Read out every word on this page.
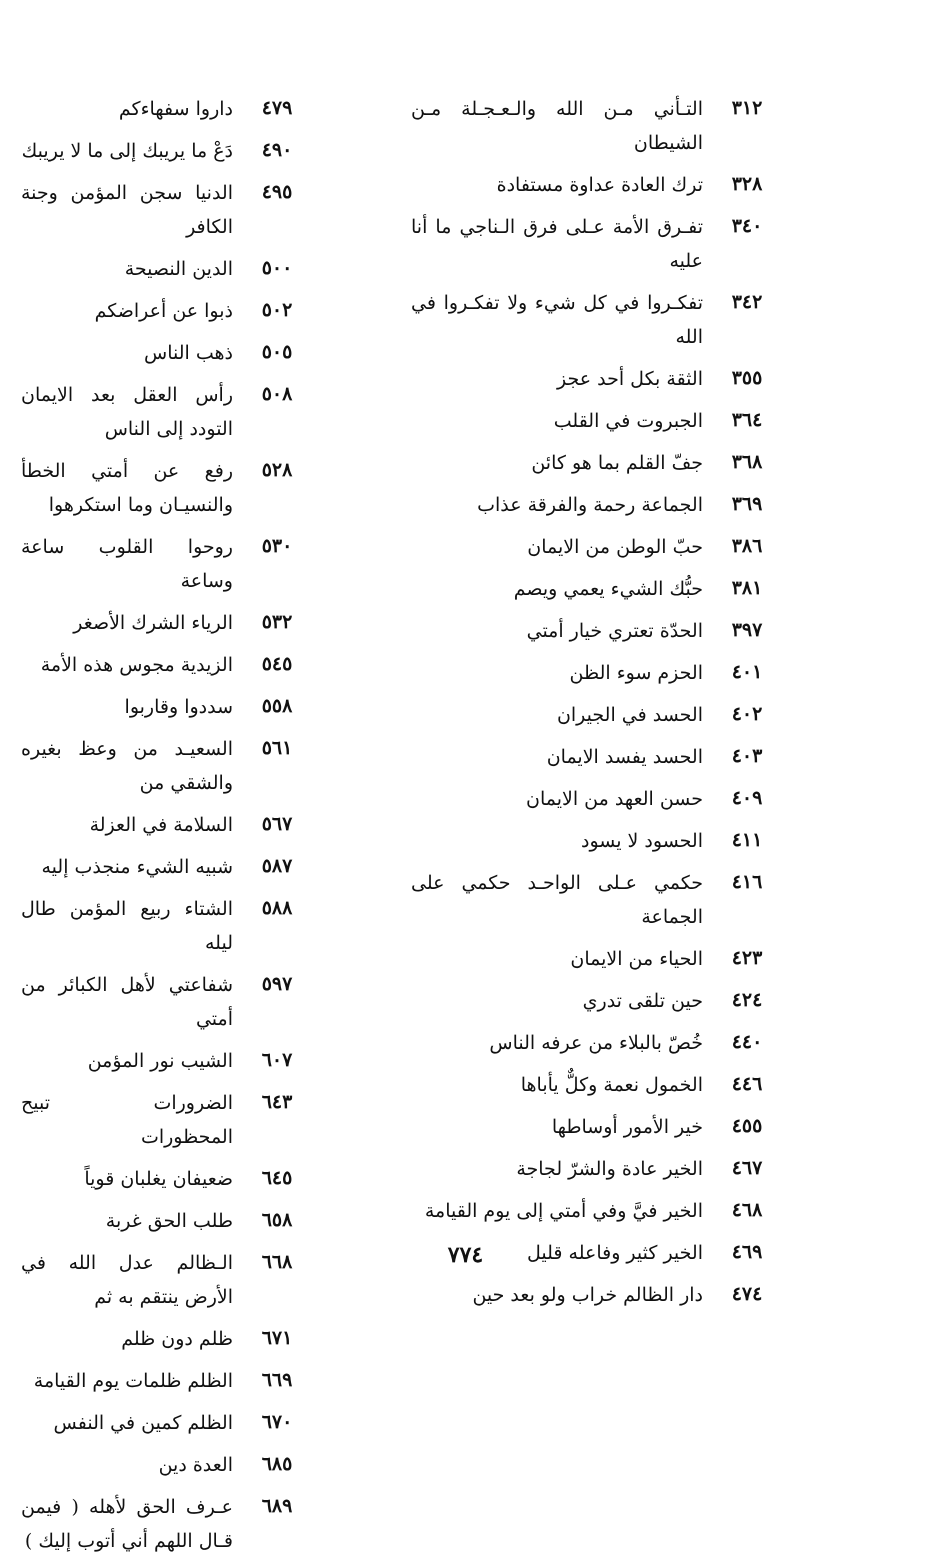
٣١٢
التـأني مـن الله والـعـجـلة مـن الشيطان
٣٢٨
ترك العادة عداوة مستفادة
٣٤٠
تفـرق الأمة عـلى فرق الـناجي ما أنا عليه
٣٤٢
تفكـروا في كل شيء ولا تفكـروا في الله
٣٥٥
الثقة بكل أحد عجز
٣٦٤
الجبروت في القلب
٣٦٨
جفّ القلم بما هو كائن
٣٦٩
الجماعة رحمة والفرقة عذاب
٣٨٦
حبّ الوطن من الايمان
٣٨١
حبُّك الشيء يعمي ويصم
٣٩٧
الحدّة تعتري خيار أمتي
٤٠١
الحزم سوء الظن
٤٠٢
الحسد في الجيران
٤٠٣
الحسد يفسد الايمان
٤٠٩
حسن العهد من الايمان
٤١١
الحسود لا يسود
٤١٦
حكمي عـلى الواحـد حكمي على الجماعة
٤٢٣
الحياء من الايمان
٤٢٤
حين تلقى تدري
٤٤٠
خُصّ بالبلاء من عرفه الناس
٤٤٦
الخمول نعمة وكلٌّ يأباها
٤٥٥
خير الأمور أوساطها
٤٦٧
الخير عادة والشرّ لجاجة
٤٦٨
الخير فيَّ وفي أمتي إلى يوم القيامة
٤٦٩
الخير كثير وفاعله قليل
٤٧٤
دار الظالم خراب ولو بعد حين
٤٧٩
داروا سفهاءكم
٤٩٠
دَعْ ما يريبك إلى ما لا يريبك
٤٩٥
الدنيا سجن المؤمن وجنة الكافر
٥٠٠
الدين النصيحة
٥٠٢
ذبوا عن أعراضكم
٥٠٥
ذهب الناس
٥٠٨
رأس العقل بعد الايمان التودد إلى الناس
٥٢٨
رفع عن أمتي الخطأ والنسيـان وما استكرهوا
٥٣٠
روحوا القلوب ساعة وساعة
٥٣٢
الرياء الشرك الأصغر
٥٤٥
الزيدية مجوس هذه الأمة
٥٥٨
سددوا وقاربوا
٥٦١
السعيـد من وعظ بغيره والشقي من
٥٦٧
السلامة في العزلة
٥٨٧
شبيه الشيء منجذب إليه
٥٨٨
الشتاء ربيع المؤمن طال ليله
٥٩٧
شفاعتي لأهل الكبائر من أمتي
٦٠٧
الشيب نور المؤمن
٦٤٣
الضرورات تبيح المحظورات
٦٤٥
ضعيفان يغلبان قوياً
٦٥٨
طلب الحق غربة
٦٦٨
الـظالم عدل الله في الأرض ينتقم به ثم
٦٧١
ظلم دون ظلم
٦٦٩
الظلم ظلمات يوم القيامة
٦٧٠
الظلم كمين في النفس
٦٨٥
العدة دين
٦٨٩
عـرف الحق لأهله ( فيمن قـال اللهم أني أتوب إليك )
٧٧٤
